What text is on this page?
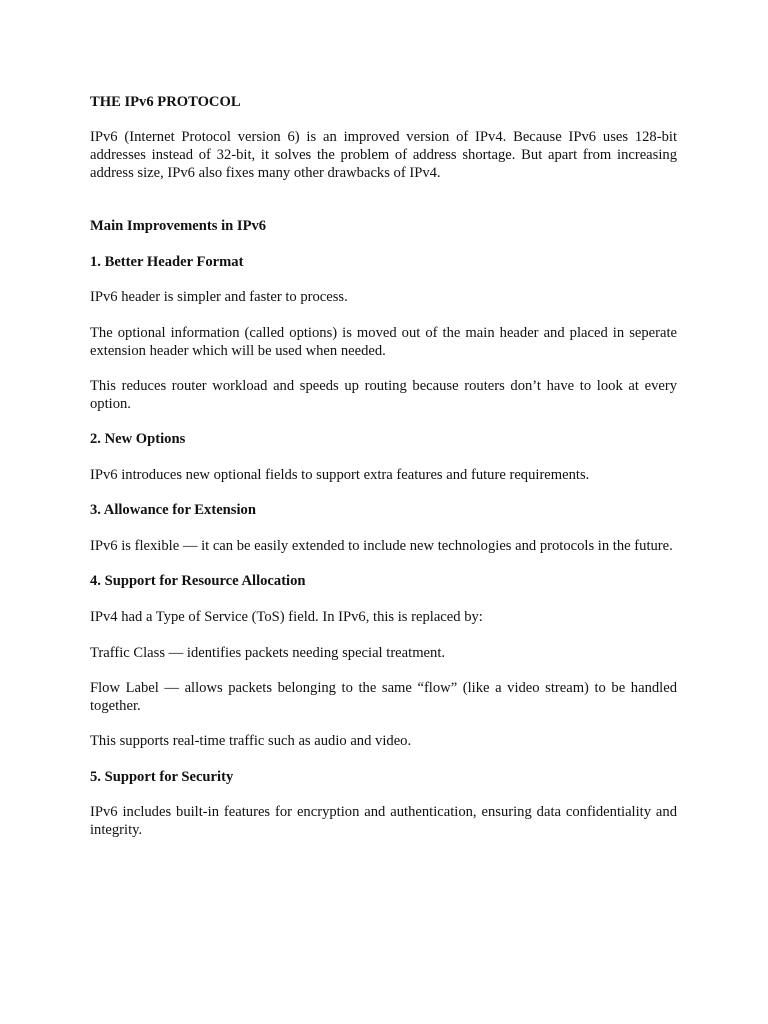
THE IPv6 PROTOCOL

IPv6 (Internet Protocol version 6) is an improved version of IPv4. Because IPv6 uses 128-bit addresses instead of 32-bit, it solves the problem of address shortage. But apart from increasing address size, IPv6 also fixes many other drawbacks of IPv4.

Main Improvements in IPv6

1. Better Header Format

IPv6 header is simpler and faster to process.

The optional information (called options) is moved out of the main header and placed in seperate extension header which will be used when needed.

This reduces router workload and speeds up routing because routers don’t have to look at every option.

2. New Options

IPv6 introduces new optional fields to support extra features and future requirements.

3. Allowance for Extension

IPv6 is flexible — it can be easily extended to include new technologies and protocols in the future.

4. Support for Resource Allocation

IPv4 had a Type of Service (ToS) field. In IPv6, this is replaced by:

Traffic Class — identifies packets needing special treatment.

Flow Label — allows packets belonging to the same “flow” (like a video stream) to be handled together.

This supports real-time traffic such as audio and video.

5. Support for Security

IPv6 includes built-in features for encryption and authentication, ensuring data confidentiality and integrity.
